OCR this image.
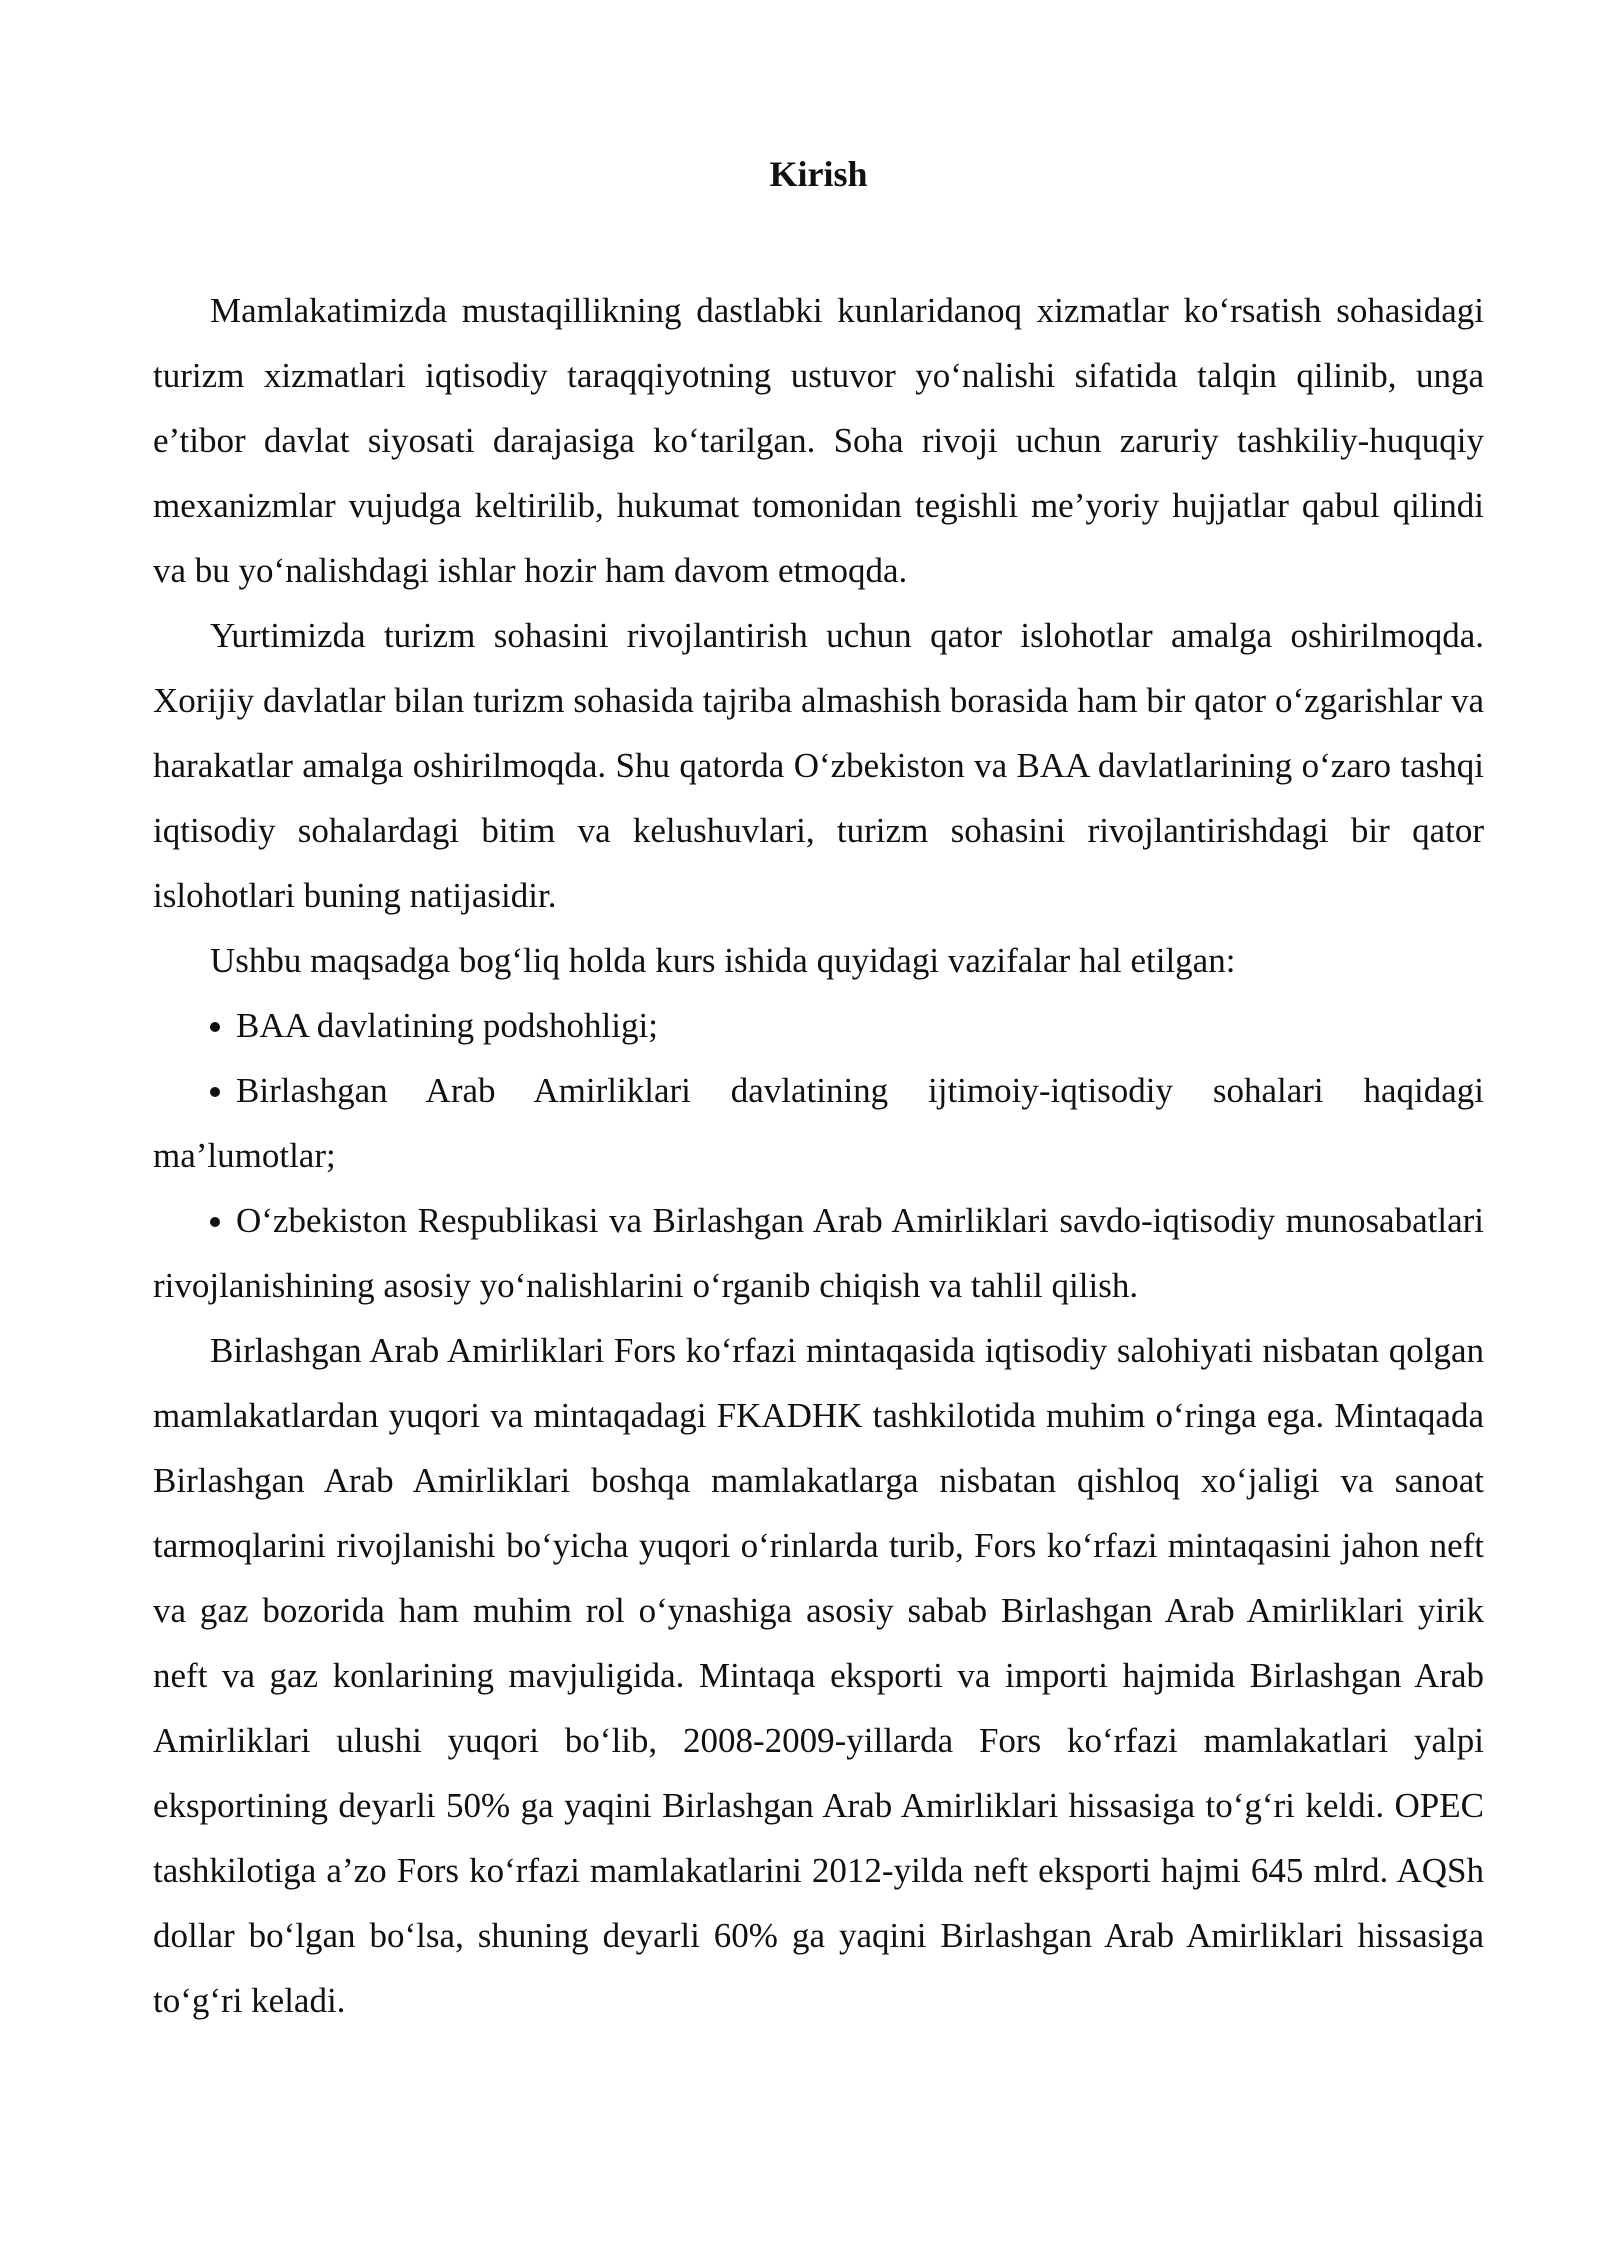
Kirish

Mamlakatimizda mustaqillikning dastlabki kunlaridanoq xizmatlar ko‘rsatish sohasidagi turizm xizmatlari iqtisodiy taraqqiyotning ustuvor yo‘nalishi sifatida talqin qilinib, unga e’tibor davlat siyosati darajasiga ko‘tarilgan. Soha rivoji uchun zaruriy tashkiliy-huquqiy mexanizmlar vujudga keltirilib, hukumat tomonidan tegishli me’yoriy hujjatlar qabul qilindi va bu yo‘nalishdagi ishlar hozir ham davom etmoqda.

Yurtimizda turizm sohasini rivojlantirish uchun qator islohotlar amalga oshirilmoqda. Xorijiy davlatlar bilan turizm sohasida tajriba almashish borasida ham bir qator o‘zgarishlar va harakatlar amalga oshirilmoqda. Shu qatorda O‘zbekiston va BAA davlatlarining o‘zaro tashqi iqtisodiy sohalardagi bitim va kelushuvlari, turizm sohasini rivojlantirishdagi bir qator islohotlari buning natijasidir.

Ushbu maqsadga bog‘liq holda kurs ishida quyidagi vazifalar hal etilgan:

BAA davlatining podshohligi;

Birlashgan Arab Amirliklari davlatining ijtimoiy-iqtisodiy sohalari haqidagi ma’lumotlar;

O‘zbekiston Respublikasi va Birlashgan Arab Amirliklari savdo-iqtisodiy munosabatlari rivojlanishining asosiy yo‘nalishlarini o‘rganib chiqish va tahlil qilish.

Birlashgan Arab Amirliklari Fors ko‘rfazi mintaqasida iqtisodiy salohiyati nisbatan qolgan mamlakatlardan yuqori va mintaqadagi FKADHK tashkilotida muhim o‘ringa ega. Mintaqada Birlashgan Arab Amirliklari boshqa mamlakatlarga nisbatan qishloq xo‘jaligi va sanoat tarmoqlarini rivojlanishi bo‘yicha yuqori o‘rinlarda turib, Fors ko‘rfazi mintaqasini jahon neft va gaz bozorida ham muhim rol o‘ynashiga asosiy sabab Birlashgan Arab Amirliklari yirik neft va gaz konlarining mavjuligida. Mintaqa eksporti va importi hajmida Birlashgan Arab Amirliklari ulushi yuqori bo‘lib, 2008-2009-yillarda Fors ko‘rfazi mamlakatlari yalpi eksportining deyarli 50% ga yaqini Birlashgan Arab Amirliklari hissasiga to‘g‘ri keldi. OPEC tashkilotiga a’zo Fors ko‘rfazi mamlakatlarini 2012-yilda neft eksporti hajmi 645 mlrd. AQSh dollar bo‘lgan bo‘lsa, shuning deyarli 60% ga yaqini Birlashgan Arab Amirliklari hissasiga to‘g‘ri keladi.
